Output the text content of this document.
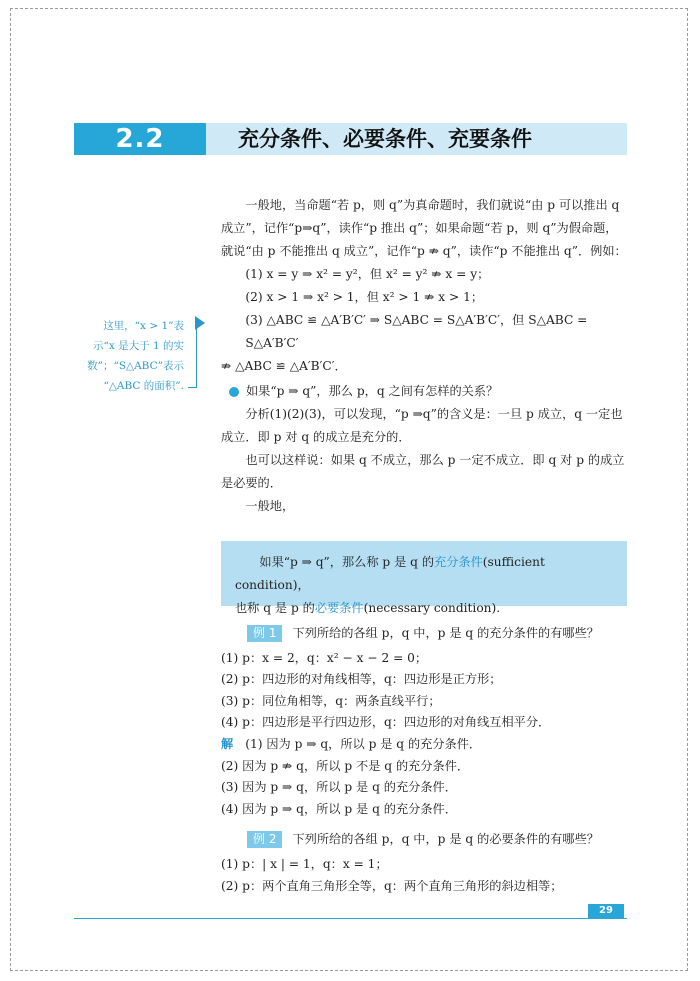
2.2	充分条件、必要条件、充要条件
这里，“x > 1”表
示“x 是大于 1 的实
数”；“S△ABC”表示
“△ABC 的面积”.

一般地，当命题“若 p，则 q”为真命题时，我们就说“由 p 可以推出 q 成立”，记作“p⇒q”，读作“p 推出 q”；如果命题“若 p，则 q”为假命题，就说“由 p 不能推出 q 成立”，记作“p ⇏ q”，读作“p 不能推出 q”．例如：

(1) x = y ⇒ x² = y²，但 x² = y² ⇏ x = y；

(2) x > 1 ⇒ x² > 1，但 x² > 1 ⇏ x > 1；

(3) △ABC ≌ △A′B′C′ ⇒ S△ABC = S△A′B′C′，但 S△ABC = S△A′B′C′

⇏ △ABC ≌ △A′B′C′．

如果“p ⇒ q”，那么 p，q 之间有怎样的关系？

分析(1)(2)(3)，可以发现，“p ⇒q”的含义是：一旦 p 成立，q 一定也成立．即 p 对 q 的成立是充分的．

也可以这样说：如果 q 不成立，那么 p 一定不成立．即 q 对 p 的成立是必要的．

一般地，

如果“p ⇒ q”，那么称 p 是 q 的充分条件(sufficient condition)，
也称 q 是 p 的必要条件(necessary condition).

例 1 下列所给的各组 p，q 中，p 是 q 的充分条件的有哪些？

(1) p：x = 2，q：x² − x − 2 = 0；

(2) p：四边形的对角线相等，q：四边形是正方形；

(3) p：同位角相等，q：两条直线平行；

(4) p：四边形是平行四边形，q：四边形的对角线互相平分．

解 (1) 因为 p ⇒ q，所以 p 是 q 的充分条件．

(2) 因为 p ⇏ q，所以 p 不是 q 的充分条件．

(3) 因为 p ⇒ q，所以 p 是 q 的充分条件．

(4) 因为 p ⇒ q，所以 p 是 q 的充分条件．

例 2 下列所给的各组 p，q 中，p 是 q 的必要条件的有哪些？

(1) p：| x | = 1，q：x = 1；

(2) p：两个直角三角形全等，q：两个直角三角形的斜边相等；

29
